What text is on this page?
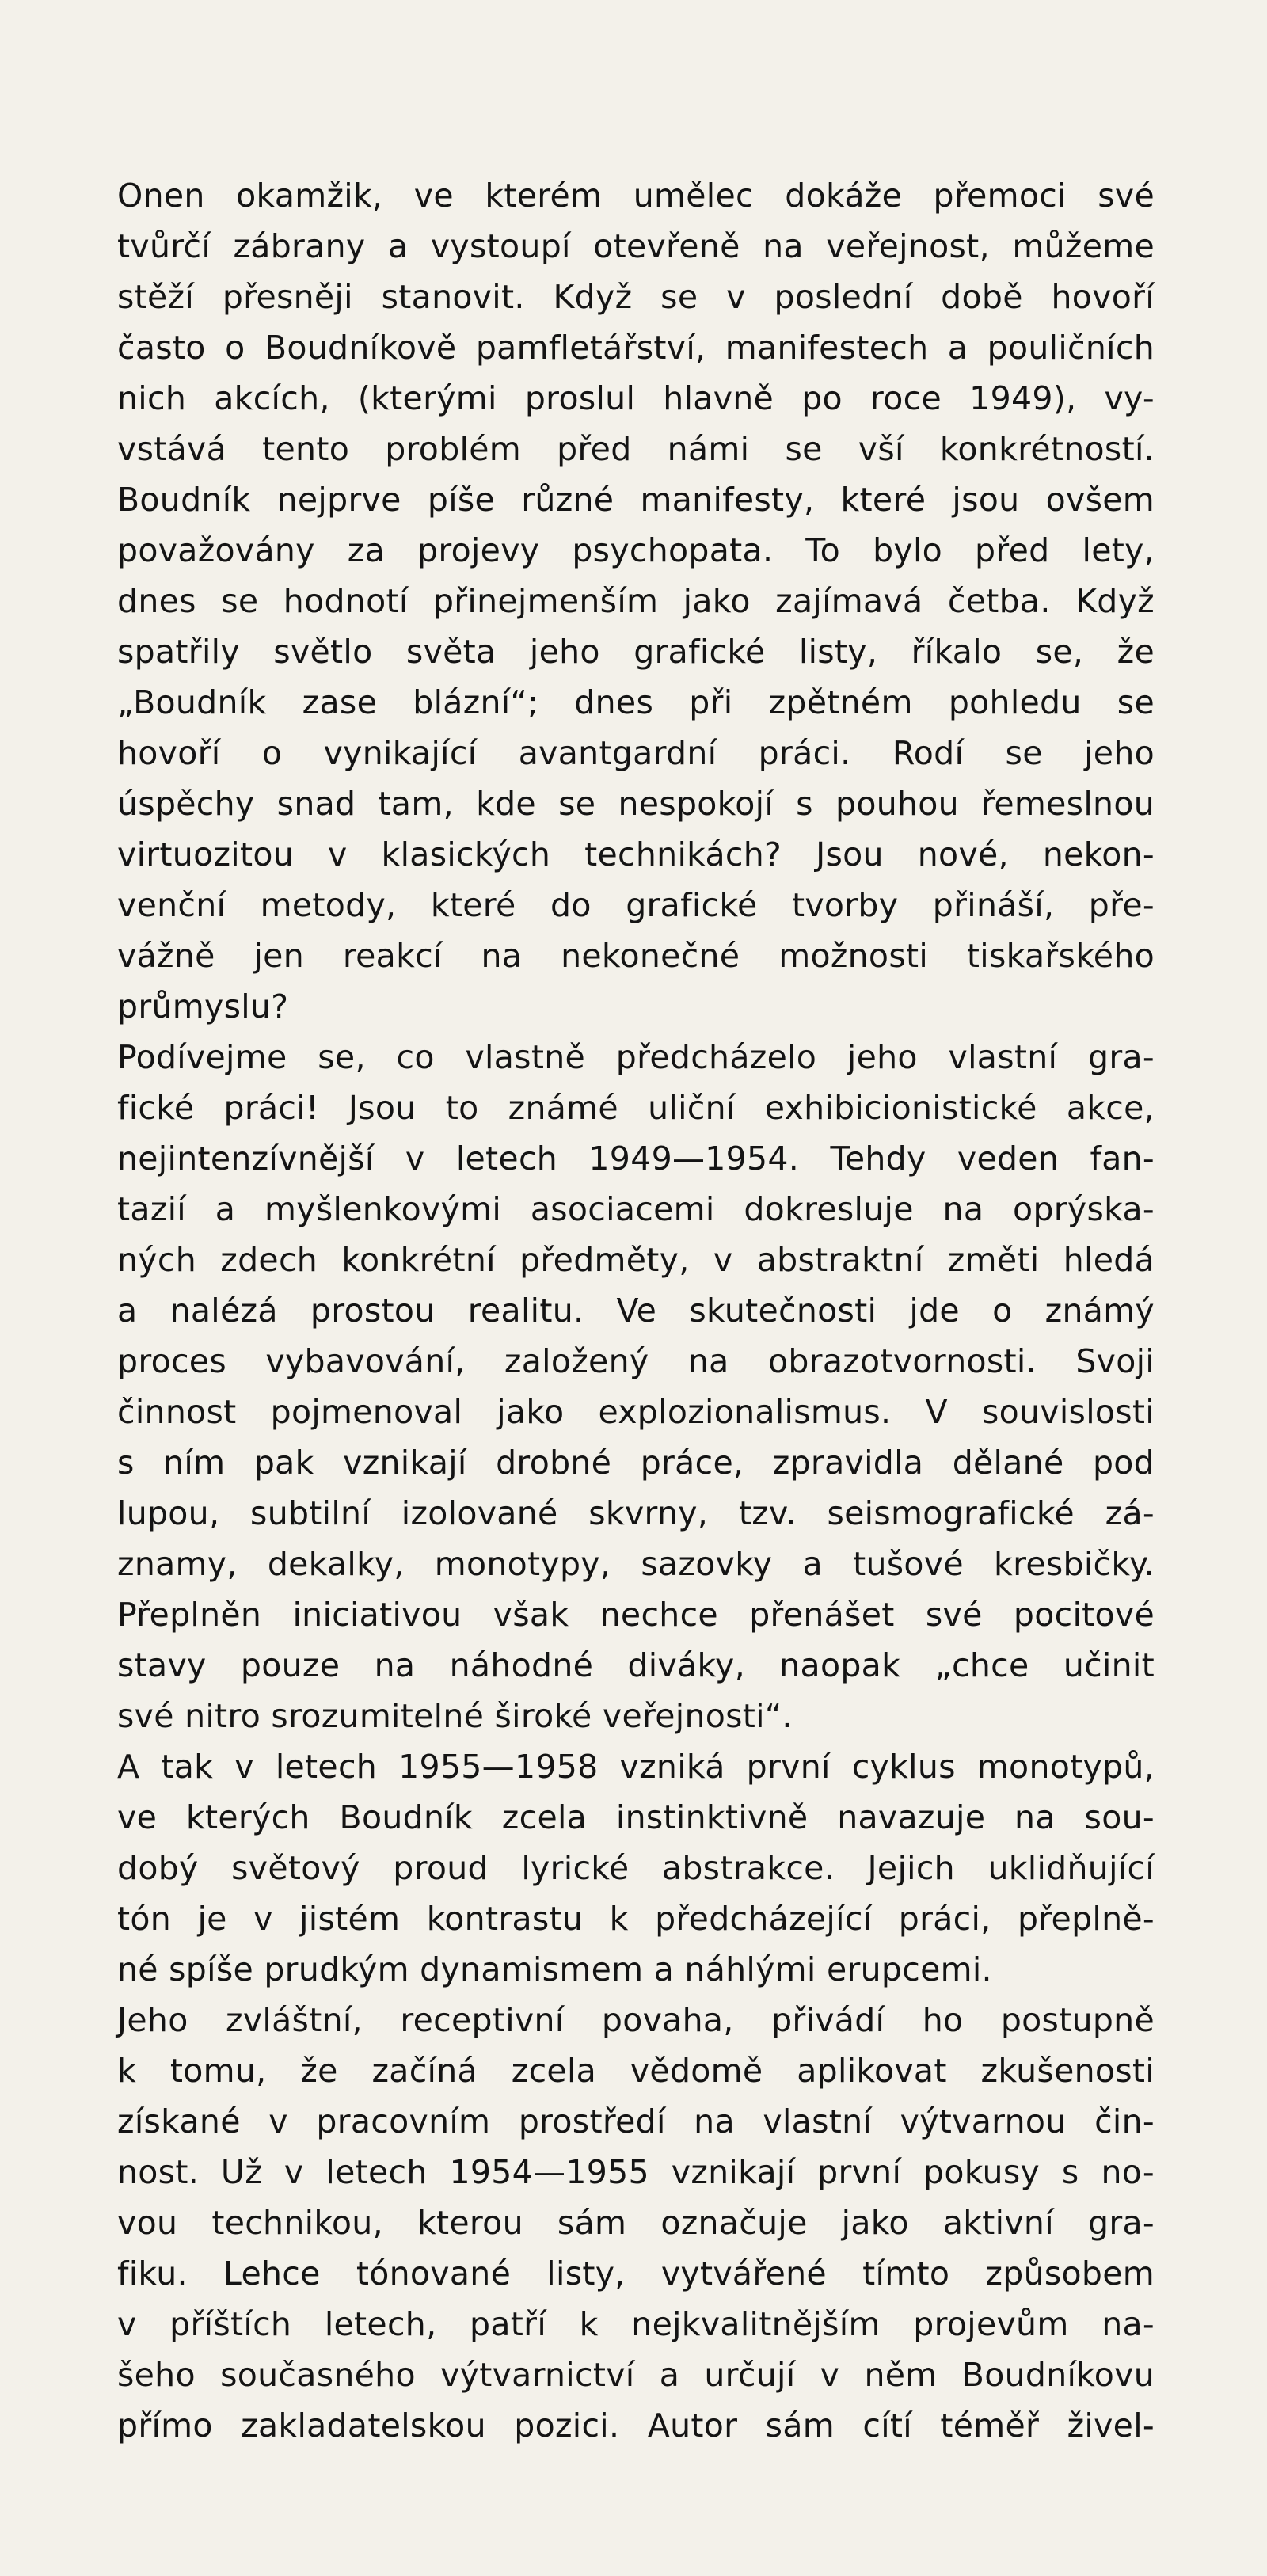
Onen okamžik, ve kterém umělec dokáže přemoci své
tvůrčí zábrany a vystoupí otevřeně na veřejnost, můžeme
stěží přesněji stanovit. Když se v poslední době hovoří
často o Boudníkově pamfletářství, manifestech a pouličních
nich akcích, (kterými proslul hlavně po roce 1949), vy-
vstává tento problém před námi se vší konkrétností.
Boudník nejprve píše různé manifesty, které jsou ovšem
považovány za projevy psychopata. To bylo před lety,
dnes se hodnotí přinejmenším jako zajímavá četba. Když
spatřily světlo světa jeho grafické listy, říkalo se, že
„Boudník zase blázní“; dnes při zpětném pohledu se
hovoří o vynikající avantgardní práci. Rodí se jeho
úspěchy snad tam, kde se nespokojí s pouhou řemeslnou
virtuozitou v klasických technikách? Jsou nové, nekon-
venční metody, které do grafické tvorby přináší, pře-
vážně jen reakcí na nekonečné možnosti tiskařského
průmyslu?
Podívejme se, co vlastně předcházelo jeho vlastní gra-
fické práci! Jsou to známé uliční exhibicionistické akce,
nejintenzívnější v letech 1949—1954. Tehdy veden fan-
tazií a myšlenkovými asociacemi dokresluje na oprýska-
ných zdech konkrétní předměty, v abstraktní změti hledá
a nalézá prostou realitu. Ve skutečnosti jde o známý
proces vybavování, založený na obrazotvornosti. Svoji
činnost pojmenoval jako explozionalismus. V souvislosti
s ním pak vznikají drobné práce, zpravidla dělané pod
lupou, subtilní izolované skvrny, tzv. seismografické zá-
znamy, dekalky, monotypy, sazovky a tušové kresbičky.
Přeplněn iniciativou však nechce přenášet své pocitové
stavy pouze na náhodné diváky, naopak „chce učinit
své nitro srozumitelné široké veřejnosti“.
A tak v letech 1955—1958 vzniká první cyklus monotypů,
ve kterých Boudník zcela instinktivně navazuje na sou-
dobý světový proud lyrické abstrakce. Jejich uklidňující
tón je v jistém kontrastu k předcházející práci, přeplně-
né spíše prudkým dynamismem a náhlými erupcemi.
Jeho zvláštní, receptivní povaha, přivádí ho postupně
k tomu, že začíná zcela vědomě aplikovat zkušenosti
získané v pracovním prostředí na vlastní výtvarnou čin-
nost. Už v letech 1954—1955 vznikají první pokusy s no-
vou technikou, kterou sám označuje jako aktivní gra-
fiku. Lehce tónované listy, vytvářené tímto způsobem
v příštích letech, patří k nejkvalitnějším projevům na-
šeho současného výtvarnictví a určují v něm Boudníkovu
přímo zakladatelskou pozici. Autor sám cítí téměř živel-
